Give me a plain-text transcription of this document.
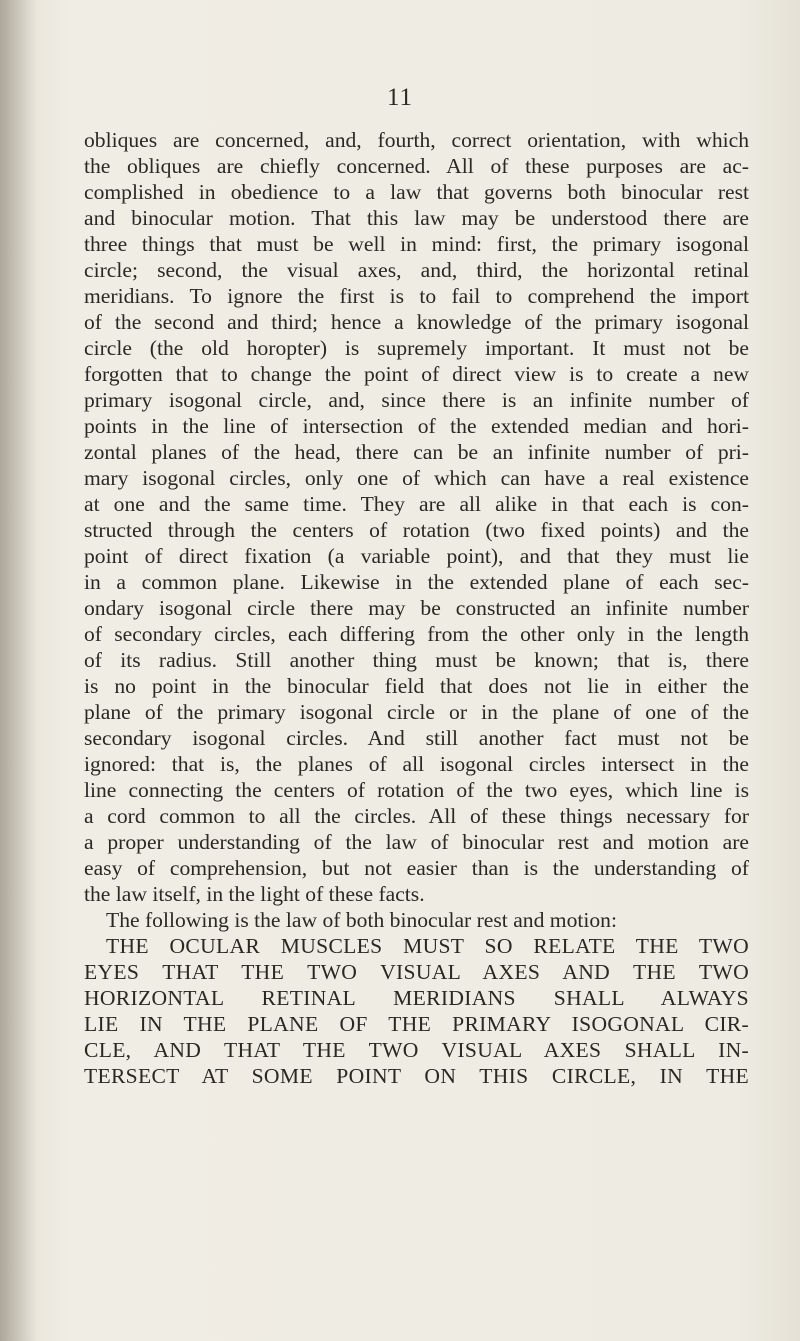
11
obliques are concerned, and, fourth, correct orientation, with which
the obliques are chiefly concerned. All of these purposes are ac-
complished in obedience to a law that governs both binocular rest
and binocular motion. That this law may be understood there are
three things that must be well in mind: first, the primary isogonal
circle; second, the visual axes, and, third, the horizontal retinal
meridians. To ignore the first is to fail to comprehend the import
of the second and third; hence a knowledge of the primary isogonal
circle (the old horopter) is supremely important. It must not be
forgotten that to change the point of direct view is to create a new
primary isogonal circle, and, since there is an infinite number of
points in the line of intersection of the extended median and hori-
zontal planes of the head, there can be an infinite number of pri-
mary isogonal circles, only one of which can have a real existence
at one and the same time. They are all alike in that each is con-
structed through the centers of rotation (two fixed points) and the
point of direct fixation (a variable point), and that they must lie
in a common plane. Likewise in the extended plane of each sec-
ondary isogonal circle there may be constructed an infinite number
of secondary circles, each differing from the other only in the length
of its radius. Still another thing must be known; that is, there
is no point in the binocular field that does not lie in either the
plane of the primary isogonal circle or in the plane of one of the
secondary isogonal circles. And still another fact must not be
ignored: that is, the planes of all isogonal circles intersect in the
line connecting the centers of rotation of the two eyes, which line is
a cord common to all the circles. All of these things necessary for
a proper understanding of the law of binocular rest and motion are
easy of comprehension, but not easier than is the understanding of
the law itself, in the light of these facts.
The following is the law of both binocular rest and motion:
THE OCULAR MUSCLES MUST SO RELATE THE TWO
EYES THAT THE TWO VISUAL AXES AND THE TWO
HORIZONTAL RETINAL MERIDIANS SHALL ALWAYS
LIE IN THE PLANE OF THE PRIMARY ISOGONAL CIR-
CLE, AND THAT THE TWO VISUAL AXES SHALL IN-
TERSECT AT SOME POINT ON THIS CIRCLE, IN THE
